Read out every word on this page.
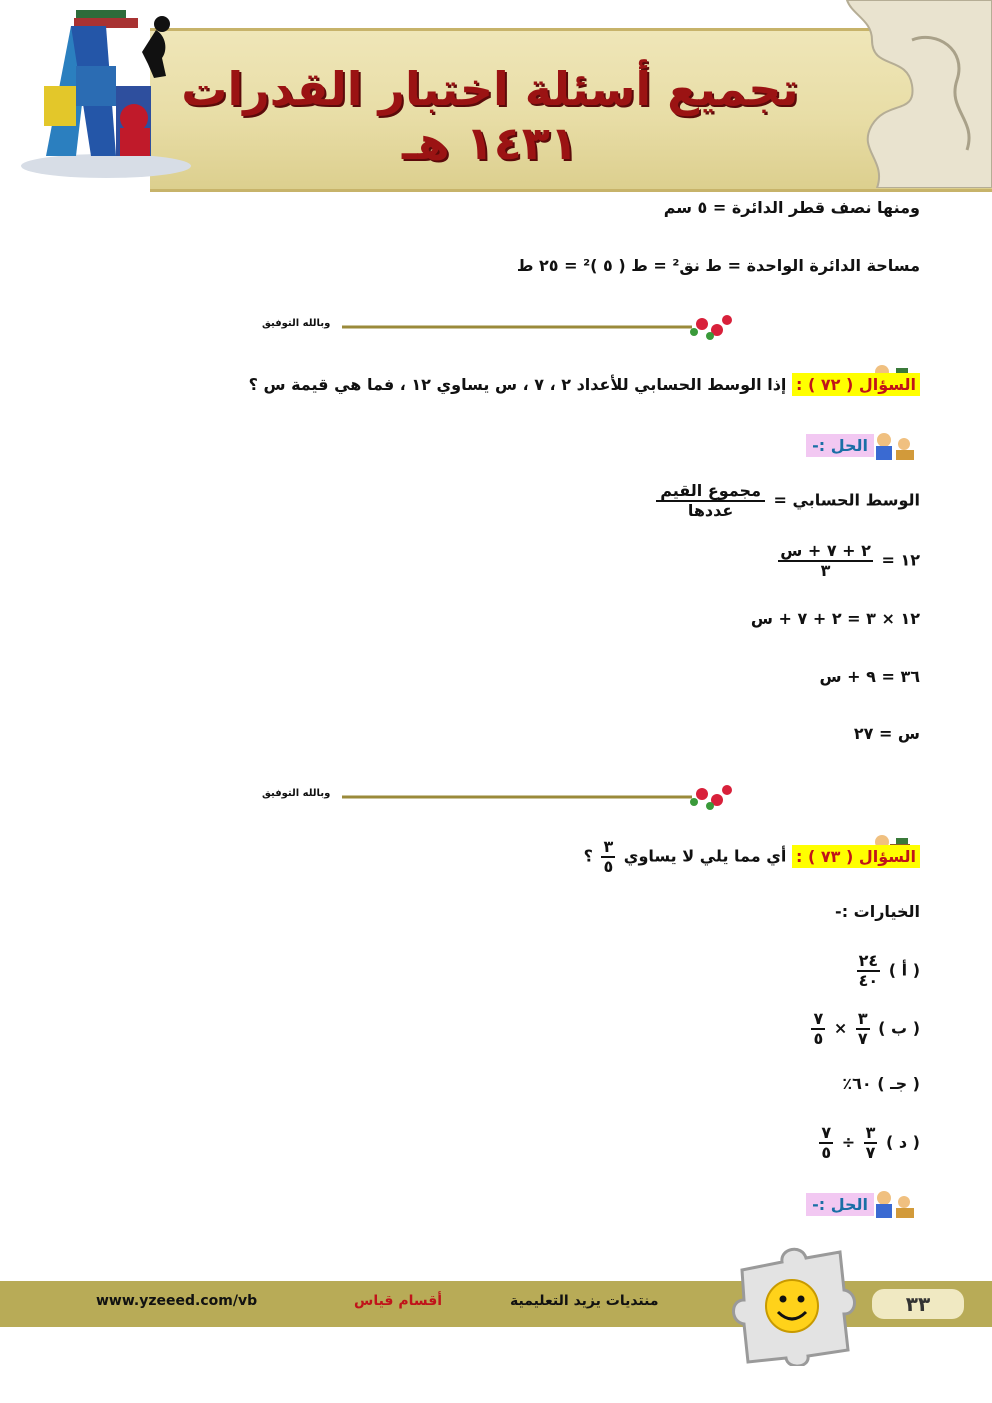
تجميع أسئلة اختبار القدرات ١٤٣١ هـ
ومنها نصف قطر الدائرة = ٥ سم
مساحة الدائرة الواحدة = ط نق² = ط ( ٥ )² = ٢٥ ط
وبالله التوفيق
السؤال ( ٧٢ ) : إذا الوسط الحسابي للأعداد ٢ ، ٧ ، س يساوي ١٢ ، فما هي قيمة س ؟
الحل :-
الوسط الحسابي =
$\frac{\text{مجموع القيم}}{\text{عددها}}$
١٢ =
$\frac{\text{٢ + ٧ + س}}{٣}$
١٢ × ٣ = ٢ + ٧ + س
٣٦ = ٩ + س
س = ٢٧
وبالله التوفيق
السؤال ( ٧٣ ) : أي مما يلي لا يساوي
$\frac{٣}{٥}$
؟
الخيارات :-
( أ )
$\frac{٢٤}{٤٠}$
( ب )
$\frac{٣}{٧}$
×
$\frac{٧}{٥}$
( جـ ) ٦٠٪
( د )
$\frac{٣}{٧}$
÷
$\frac{٧}{٥}$
الحل :-
www.yzeeed.com/vb	أقسام قياس	منتديات يزيد التعليمية	٣٣
